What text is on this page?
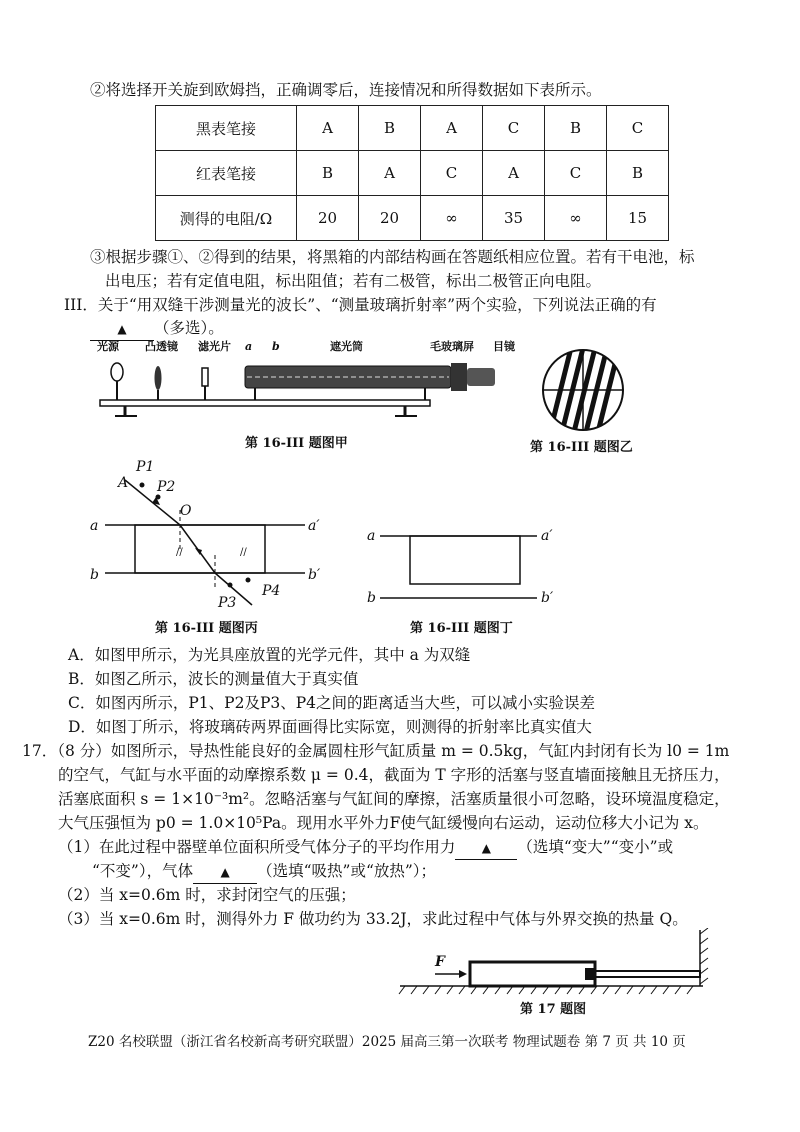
②将选择开关旋到欧姆挡，正确调零后，连接情况和所得数据如下表所示。
黑表笔接	A	B	A	C	B	C
红表笔接	B	A	C	A	C	B
测得的电阻/Ω	20	20	∞	35	∞	15
③根据步骤①、②得到的结果，将黑箱的内部结构画在答题纸相应位置。若有干电池，标
出电压；若有定值电阻，标出阻值；若有二极管，标出二极管正向电阻。
III．关于“用双缝干涉测量光的波长”、“测量玻璃折射率”两个实验，下列说法正确的有
▲ （多选）。
光源 凸透镜 滤光片 a b	遮光筒	毛玻璃屏 目镜
第 16-III 题图甲	第 16-III 题图乙
A
P1
P2
O
a	a′
b	b′
P3
P4
//	//
第 16-III 题图丙
a	a′
b	b′
第 16-III 题图丁
A．如图甲所示，为光具座放置的光学元件，其中 a 为双缝
B．如图乙所示，波长的测量值大于真实值
C．如图丙所示，P1、P2及P3、P4之间的距离适当大些，可以减小实验误差
D．如图丁所示，将玻璃砖两界面画得比实际宽，则测得的折射率比真实值大
17．（8 分）如图所示，导热性能良好的金属圆柱形气缸质量 m = 0.5kg，气缸内封闭有长为 l0 = 1m
的空气，气缸与水平面的动摩擦系数 μ = 0.4，截面为 T 字形的活塞与竖直墙面接触且无挤压力，
活塞底面积 s = 1×10⁻³m²。忽略活塞与气缸间的摩擦，活塞质量很小可忽略，设环境温度稳定，
大气压强恒为 p0 = 1.0×10⁵Pa。现用水平外力F使气缸缓慢向右运动，运动位移大小记为 x。
（1）在此过程中器壁单位面积所受气体分子的平均作用力 ▲ （选填“变大”“变小”或
“不变”），气体 ▲ （选填“吸热”或“放热”）；
（2）当 x=0.6m 时，求封闭空气的压强；
（3）当 x=0.6m 时，测得外力 F 做功约为 33.2J，求此过程中气体与外界交换的热量 Q。
F
第 17 题图
Z20 名校联盟（浙江省名校新高考研究联盟）2025 届高三第一次联考 物理试题卷 第 7 页 共 10 页
